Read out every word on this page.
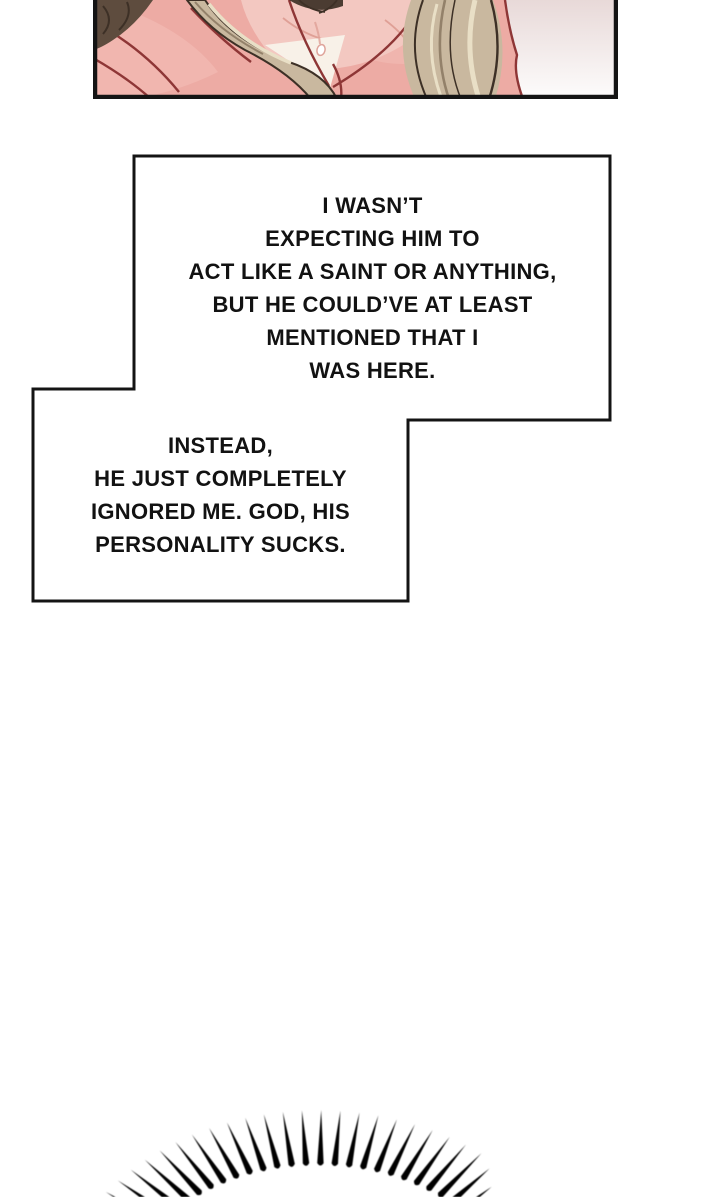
I WASN’T
EXPECTING HIM TO
ACT LIKE A SAINT OR ANYTHING,
BUT HE COULD’VE AT LEAST
MENTIONED THAT I
WAS HERE.
INSTEAD,
HE JUST COMPLETELY
IGNORED ME. GOD, HIS
PERSONALITY SUCKS.
